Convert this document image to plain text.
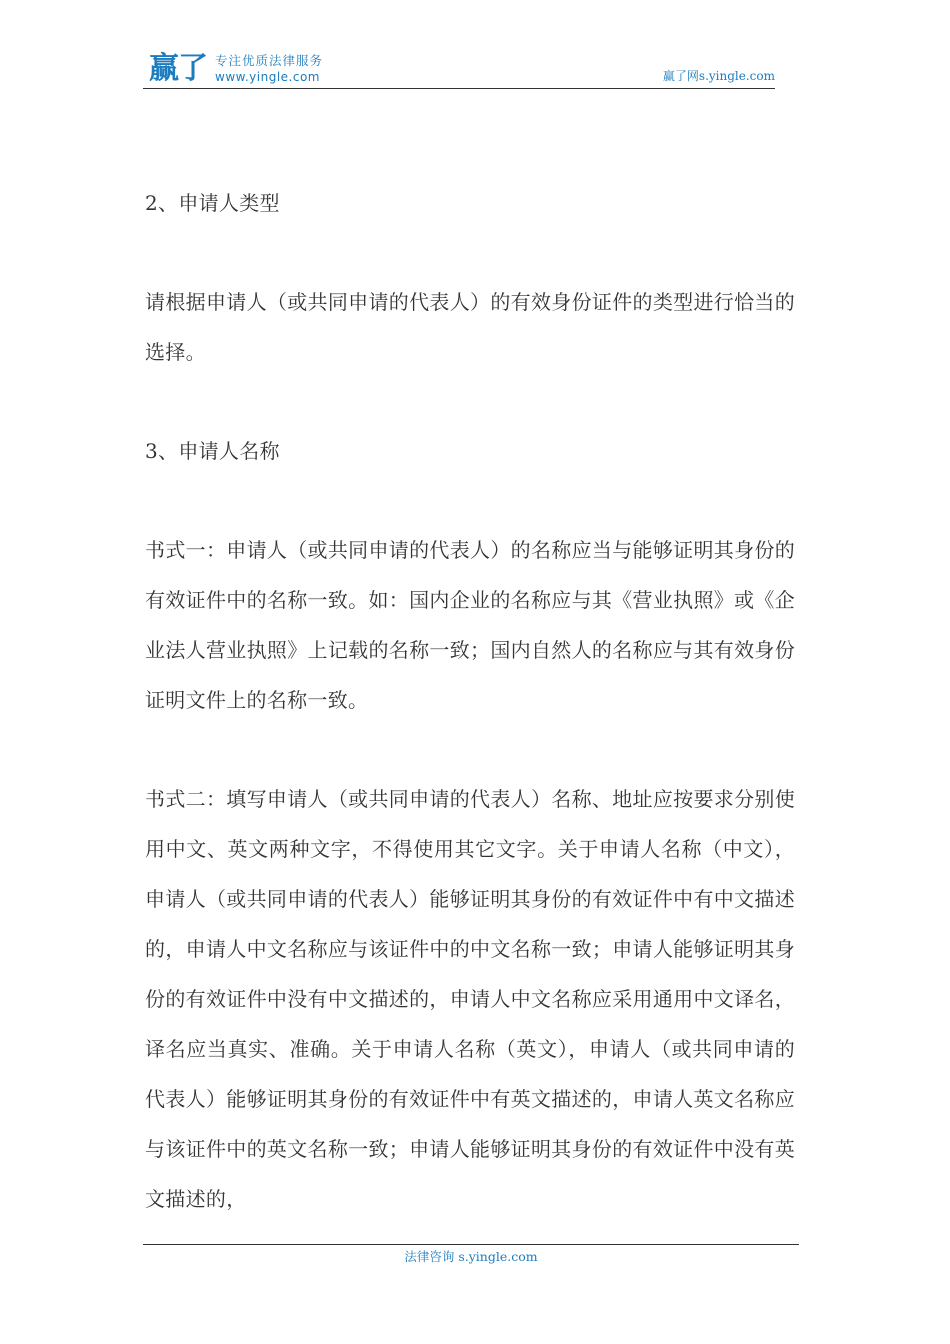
赢了 专注优质法律服务
www.yingle.com	赢了网s.yingle.com

2、申请人类型

请根据申请人（或共同申请的代表人）的有效身份证件的类型进行恰当的选择。

3、申请人名称

书式一：申请人（或共同申请的代表人）的名称应当与能够证明其身份的有效证件中的名称一致。如：国内企业的名称应与其《营业执照》或《企业法人营业执照》上记载的名称一致；国内自然人的名称应与其有效身份证明文件上的名称一致。

书式二：填写申请人（或共同申请的代表人）名称、地址应按要求分别使用中文、英文两种文字，不得使用其它文字。关于申请人名称（中文），申请人（或共同申请的代表人）能够证明其身份的有效证件中有中文描述的，申请人中文名称应与该证件中的中文名称一致；申请人能够证明其身份的有效证件中没有中文描述的，申请人中文名称应采用通用中文译名，译名应当真实、准确。关于申请人名称（英文），申请人（或共同申请的代表人）能够证明其身份的有效证件中有英文描述的，申请人英文名称应与该证件中的英文名称一致；申请人能够证明其身份的有效证件中没有英文描述的，

法律咨询 s.yingle.com
